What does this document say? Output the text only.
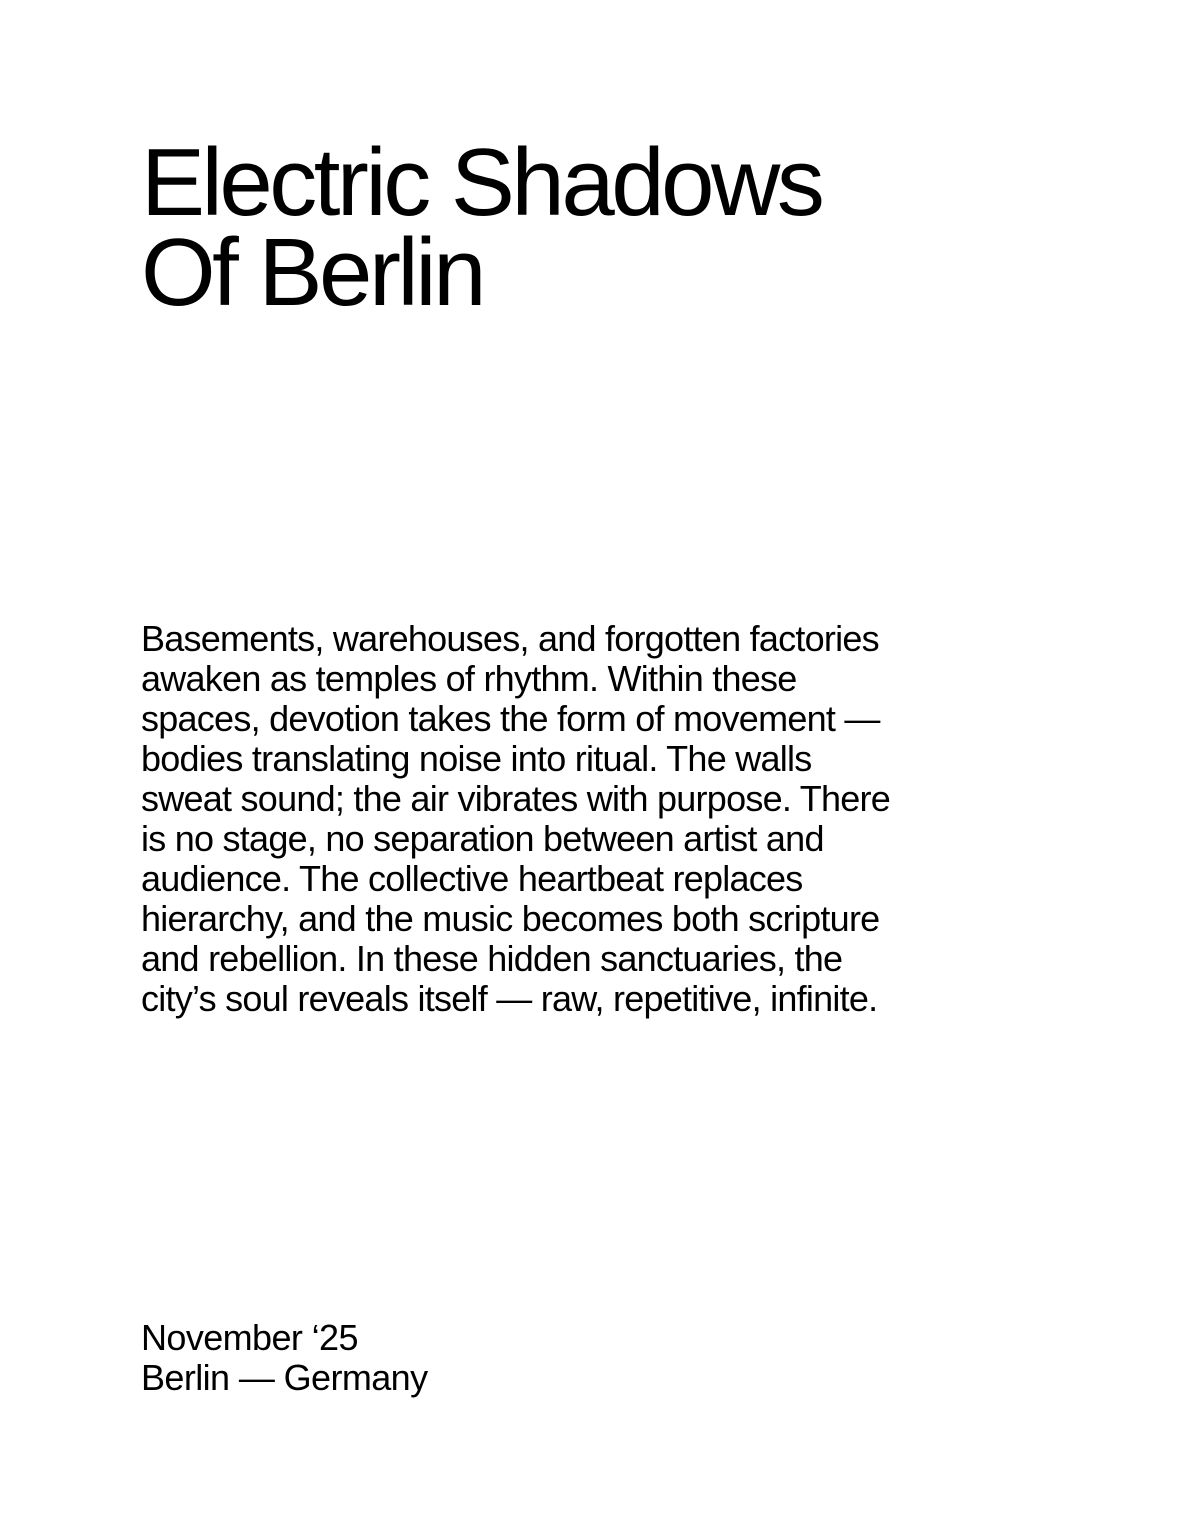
Electric Shadows
Of Berlin

Basements, warehouses, and forgotten factories
awaken as temples of rhythm. Within these
spaces, devotion takes the form of movement —
bodies translating noise into ritual. The walls
sweat sound; the air vibrates with purpose. There
is no stage, no separation between artist and
audience. The collective heartbeat replaces
hierarchy, and the music becomes both scripture
and rebellion. In these hidden sanctuaries, the
city’s soul reveals itself — raw, repetitive, infinite.

November ‘25
Berlin — Germany
